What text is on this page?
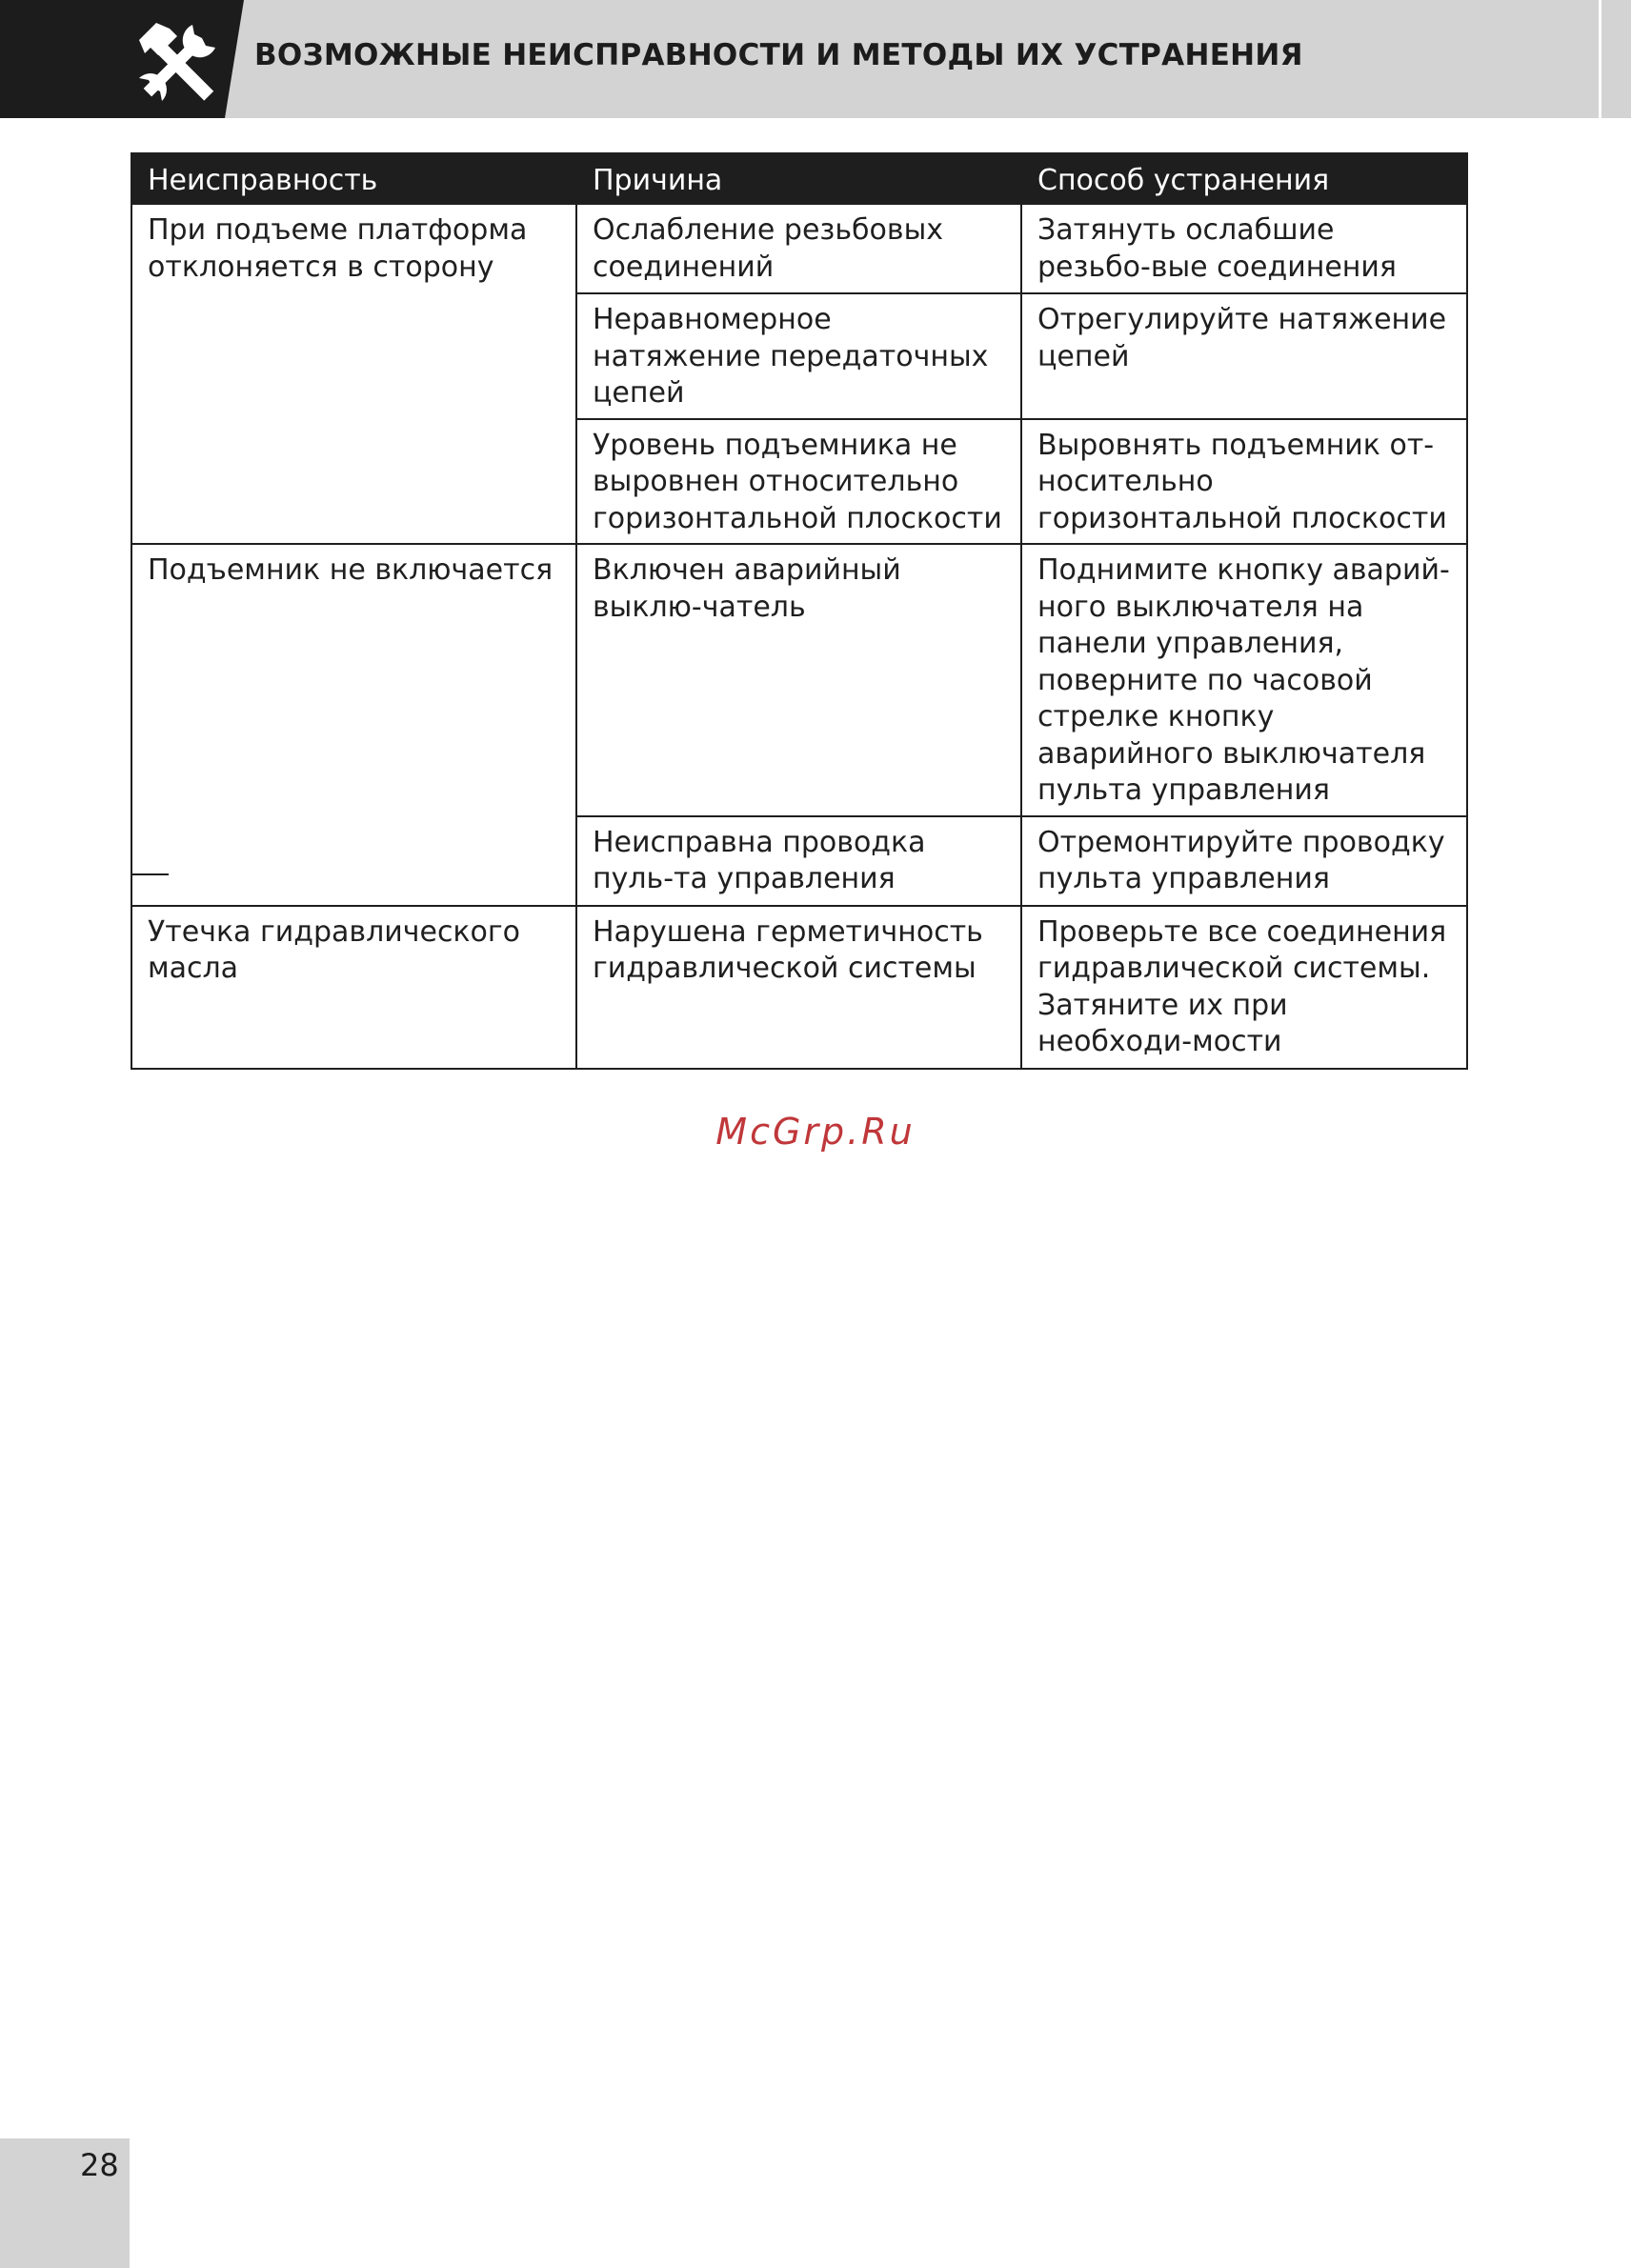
ВОЗМОЖНЫЕ НЕИСПРАВНОСТИ И МЕТОДЫ ИХ УСТРАНЕНИЯ
Неисправность	Причина	Способ устранения
При подъеме платформа отклоняется в сторону	Ослабление резьбовых соединений	Затянуть ослабшие резьбо-вые соединения
	Неравномерное натяжение передаточных цепей	Отрегулируйте натяжение цепей
	Уровень подъемника не выровнен относительно горизонтальной плоскости	Выровнять подъемник от-носительно горизонтальной плоскости
Подъемник не включается	Включен аварийный выклю-чатель	Поднимите кнопку аварий-ного выключателя на панели управления, поверните по часовой стрелке кнопку аварийного выключателя пульта управления
	Неисправна проводка пуль-та управления	Отремонтируйте проводку пульта управления
Утечка гидравлического масла	Нарушена герметичность гидравлической системы	Проверьте все соединения гидравлической системы. Затяните их при необходи-мости
McGrp.Ru
28
